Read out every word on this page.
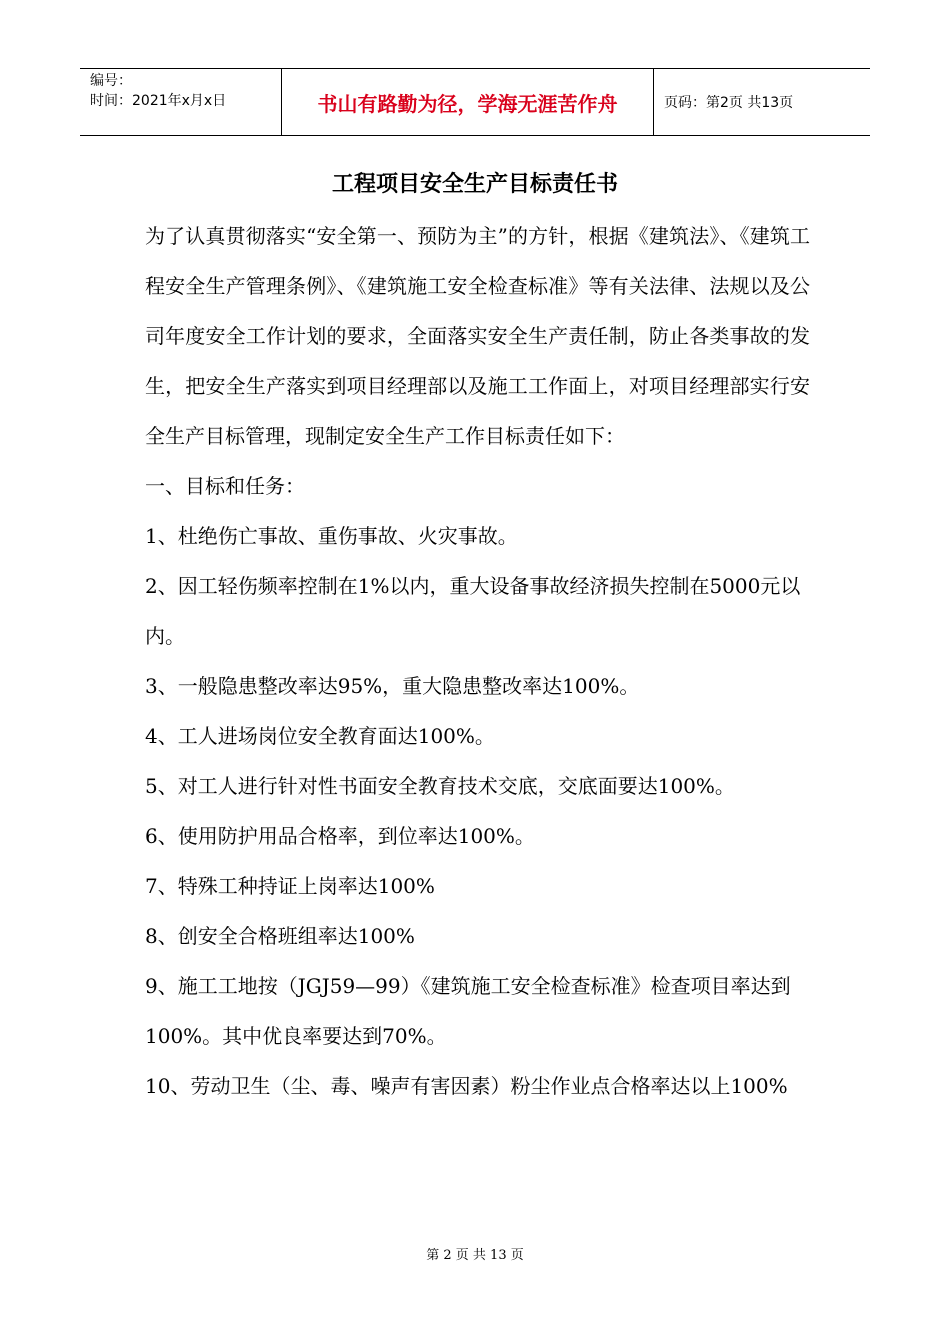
编号：
时间：2021年x月x日	书山有路勤为径，学海无涯苦作舟	页码：第2页 共13页
工程项目安全生产目标责任书

为了认真贯彻落实“安全第一、预防为主”的方针，根据《建筑法》、《建筑工程安全生产管理条例》、《建筑施工安全检查标准》等有关法律、法规以及公司年度安全工作计划的要求，全面落实安全生产责任制，防止各类事故的发生，把安全生产落实到项目经理部以及施工工作面上，对项目经理部实行安全生产目标管理，现制定安全生产工作目标责任如下：

一、目标和任务：

1、杜绝伤亡事故、重伤事故、火灾事故。

2、因工轻伤频率控制在1%以内，重大设备事故经济损失控制在5000元以内。

3、一般隐患整改率达95%，重大隐患整改率达100%。

4、工人进场岗位安全教育面达100%。

5、对工人进行针对性书面安全教育技术交底，交底面要达100%。

6、使用防护用品合格率，到位率达100%。

7、特殊工种持证上岗率达100%

8、创安全合格班组率达100%

9、施工工地按（JGJ59—99）《建筑施工安全检查标准》检查项目率达到100%。其中优良率要达到70%。

10、劳动卫生（尘、毒、噪声有害因素）粉尘作业点合格率达以上100%

第 2 页 共 13 页
